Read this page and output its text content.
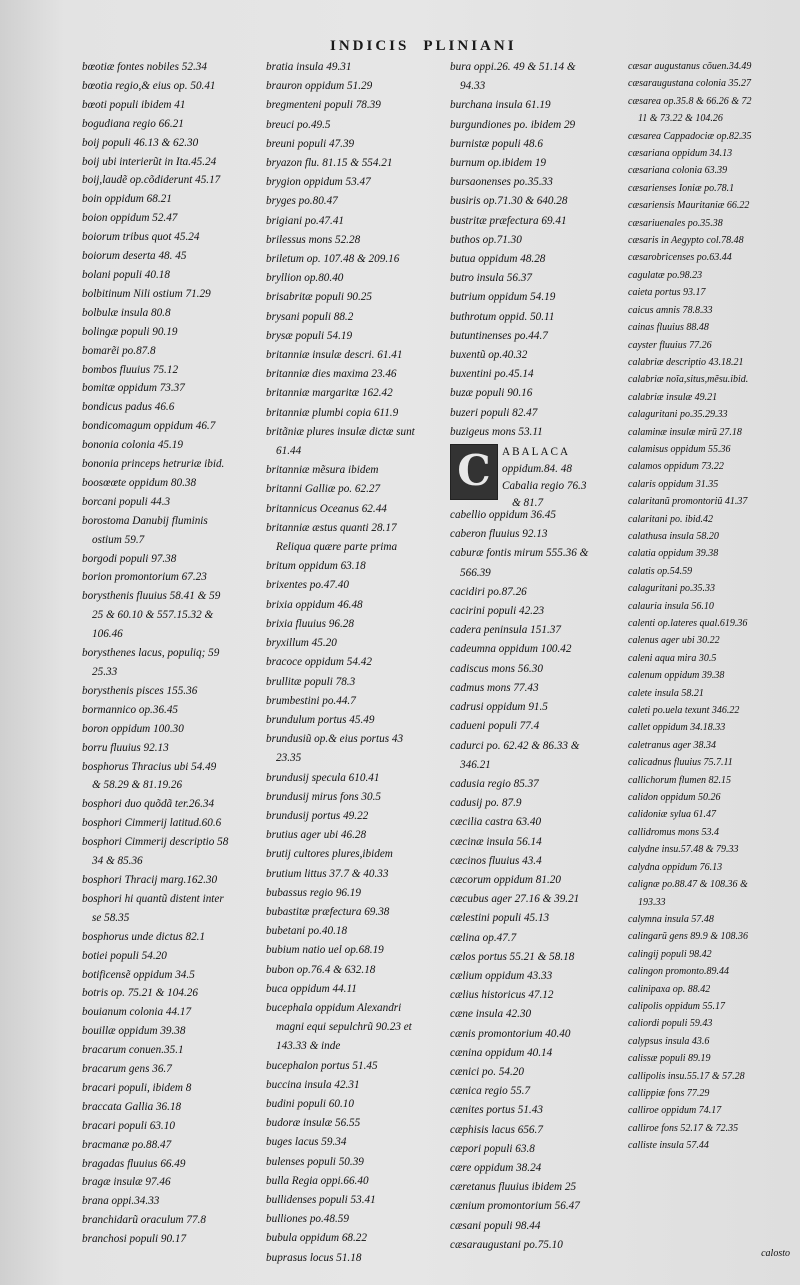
INDICIS PLINIANI
bœotiæ fontes nobiles 52.34
bœotia regio,& eius op. 50.41
bœoti populi ibidem 41
bogudiana regio 66.21
boij populi 46.13 & 62.30
boij ubi interierũt in Ita.45.24
boij,laudẽ op.cõdiderunt 45.17
boin oppidum 68.21
boion oppidum 52.47
boiorum tribus quot 45.24
boiorum deserta 48. 45
bolani populi 40.18
bolbitinum Nili ostium 71.29
bolbulæ insula 80.8
bolingæ populi 90.19
bomarẽi po.87.8
bombos fluuius 75.12
bomitæ oppidum 73.37
bondicus padus 46.6
bondicomagum oppidum 46.7
bononia colonia 45.19
bononia princeps hetruriæ ibid.
boosœœte oppidum 80.38
borcani populi 44.3
borostoma Danubij fluminis
ostium 59.7
borgodi populi 97.38
borion promontorium 67.23
borysthenis fluuius 58.41 & 59
25 & 60.10 & 557.15.32 &
106.46
borysthenes lacus, populiq; 59
25.33
borysthenis pisces 155.36
bormannico op.36.45
boron oppidum 100.30
borru fluuius 92.13
bosphorus Thracius ubi 54.49
& 58.29 & 81.19.26
bosphori duo quõdã ter.26.34
bosphori Cimmerij latitud.60.6
bosphori Cimmerij descriptio 58
34 & 85.36
bosphori Thracij marg.162.30
bosphori hi quantũ distent inter
se 58.35
bosphorus unde dictus 82.1
botiei populi 54.20
botificensẽ oppidum 34.5
botris op. 75.21 & 104.26
bouianum colonia 44.17
bouillæ oppidum 39.38
bracarum conuen.35.1
bracarum gens 36.7
bracari populi, ibidem 8
braccata Gallia 36.18
bracari populi 63.10
bracmanæ po.88.47
bragadas fluuius 66.49
bragæ insulæ 97.46
brana oppi.34.33
branchidarũ oraculum 77.8
branchosi populi 90.17
bratia insula 49.31
brauron oppidum 51.29
bregmenteni populi 78.39
breuci po.49.5
breuni populi 47.39
bryazon flu. 81.15 & 554.21
brygion oppidum 53.47
bryges po.80.47
brigiani po.47.41
brilessus mons 52.28
briletum op. 107.48 & 209.16
bryllion op.80.40
brisabritæ populi 90.25
brysani populi 88.2
brysæ populi 54.19
britanniæ insulæ descri. 61.41
britanniæ dies maxima 23.46
britanniæ margaritæ 162.42
britanniæ plumbi copia 611.9
britãniæ plures insulæ dictæ sunt
61.44
britanniæ mẽsura ibidem
britanni Galliæ po. 62.27
britannicus Oceanus 62.44
britanniæ æstus quanti 28.17
Reliqua quære parte prima
britum oppidum 63.18
brixentes po.47.40
brixia oppidum 46.48
brixia fluuius 96.28
bryxillum 45.20
bracoce oppidum 54.42
brullitæ populi 78.3
brumbestini po.44.7
brundulum portus 45.49
brundusiũ op.& eius portus 43
23.35
brundusij specula 610.41
brundusij mirus fons 30.5
brundusij portus 49.22
brutius ager ubi 46.28
brutij cultores plures,ibidem
brutium littus 37.7 & 40.33
bubassus regio 96.19
bubastitæ præfectura 69.38
bubetani po.40.18
bubium natio uel op.68.19
bubon op.76.4 & 632.18
buca oppidum 44.11
bucephala oppidum Alexandri
magni equi sepulchrũ 90.23 et
143.33 & inde
bucephalon portus 51.45
buccina insula 42.31
budini populi 60.10
budoræ insulæ 56.55
buges lacus 59.34
bulenses populi 50.39
bulla Regia oppi.66.40
bullidenses populi 53.41
bulliones po.48.59
bubula oppidum 68.22
buprasus locus 51.18
bura oppi.26. 49 & 51.14 &
94.33
burchana insula 61.19
burgundiones po. ibidem 29
burnistæ populi 48.6
burnum op.ibidem 19
bursaonenses po.35.33
busiris op.71.30 & 640.28
bustritæ præfectura 69.41
buthos op.71.30
butua oppidum 48.28
butro insula 56.37
butrium oppidum 54.19
buthrotum oppid. 50.11
butuntinenses po.44.7
buxentũ op.40.32
buxentini po.45.14
buzæ populi 90.16
buzeri populi 82.47
buzigeus mons 53.11
C	ABALACA
oppidum.84. 48
Cabalia regio 76.3
& 81.7
cabellio oppidum 36.45
caberon fluuius 92.13
caburæ fontis mirum 555.36 &
566.39
cacidiri po.87.26
cacirini populi 42.23
cadera peninsula 151.37
cadeumna oppidum 100.42
cadiscus mons 56.30
cadmus mons 77.43
cadrusi oppidum 91.5
cadueni populi 77.4
cadurci po. 62.42 & 86.33 &
346.21
cadusia regio 85.37
cadusij po. 87.9
cæcilia castra 63.40
cæcinæ insula 56.14
cæcinos fluuius 43.4
cæcorum oppidum 81.20
cæcubus ager 27.16 & 39.21
cælestini populi 45.13
cælina op.47.7
cælos portus 55.21 & 58.18
cælium oppidum 43.33
cælius historicus 47.12
cæne insula 42.30
cænis promontorium 40.40
cænina oppidum 40.14
cænici po. 54.20
cænica regio 55.7
cænites portus 51.43
cæphisis lacus 656.7
cæpori populi 63.8
cære oppidum 38.24
cæretanus fluuius ibidem 25
cænium promontorium 56.47
cæsani populi 98.44
cæsaraugustani po.75.10
cæsar augustanus cõuen.34.49
cæsaraugustana colonia 35.27
cæsarea op.35.8 & 66.26 & 72
11 & 73.22 & 104.26
cæsarea Cappadociæ op.82.35
cæsariana oppidum 34.13
cæsariana colonia 63.39
cæsarienses Ioniæ po.78.1
cæsariensis Mauritaniæ 66.22
cæsariuenales po.35.38
cæsaris in Aegypto col.78.48
cæsarobricenses po.63.44
cagulatæ po.98.23
caieta portus 93.17
caicus amnis 78.8.33
cainas fluuius 88.48
cayster fluuius 77.26
calabriæ descriptio 43.18.21
calabriæ noĩa,situs,mẽsu.ibid.
calabriæ insulæ 49.21
calaguritani po.35.29.33
calaminæ insulæ mirũ 27.18
calamisus oppidum 55.36
calamos oppidum 73.22
calaris oppidum 31.35
calaritanũ promontoriũ 41.37
calaritani po. ibid.42
calathusa insula 58.20
calatia oppidum 39.38
calatis op.54.59
calaguritani po.35.33
calauria insula 56.10
calenti op.lateres qual.619.36
calenus ager ubi 30.22
caleni aqua mira 30.5
calenum oppidum 39.38
calete insula 58.21
caleti po.uela texunt 346.22
callet oppidum 34.18.33
caletranus ager 38.34
calicadnus fluuius 75.7.11
callichorum flumen 82.15
calidon oppidum 50.26
calidoniæ sylua 61.47
callidromus mons 53.4
calydne insu.57.48 & 79.33
calydna oppidum 76.13
calignæ po.88.47 & 108.36 &
193.33
calymna insula 57.48
calingarũ gens 89.9 & 108.36
calingij populi 98.42
calingon promonto.89.44
calinipaxa op. 88.42
calipolis oppidum 55.17
caliordi populi 59.43
calypsus insula 43.6
calissæ populi 89.19
callipolis insu.55.17 & 57.28
callippiæ fons 77.29
calliroe oppidum 74.17
calliroe fons 52.17 & 72.35
calliste insula 57.44
calosto
